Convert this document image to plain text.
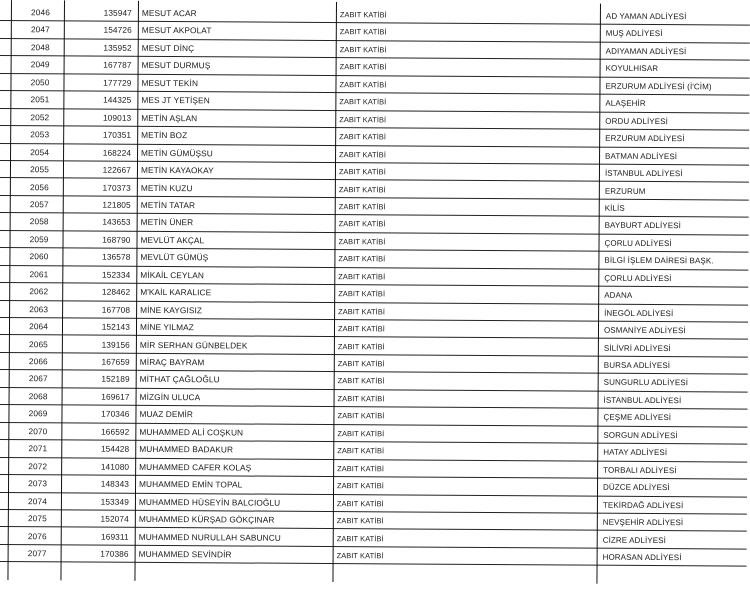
2046	135947	MESUT ACAR	ZABIT KATİBİ	AD YAMAN ADLİYESİ
2047	154726	MESUT AKPOLAT	ZABIT KATİBİ	MUŞ ADLİYESİ
2048	135952	MESUT DİNÇ	ZABIT KATİBİ	ADIYAMAN ADLİYESİ
2049	167787	MESUT DURMUŞ	ZABIT KATİBİ	KOYULHISAR
2050	177729	MESUT TEKİN	ZABIT KATİBİ	ERZURUM ADLİYESİ (İ'CİM)
2051	144325	MES JT YETİŞEN	ZABIT KATİBİ	ALAŞEHİR
2052	109013	METİN AŞLAN	ZABIT KATİBİ	ORDU ADLİYESİ
2053	170351	METİN BOZ	ZABIT KATİBİ	ERZURUM ADLİYESİ
2054	168224	METİN GÜMÜŞSU	ZABIT KATİBİ	BATMAN ADLİYESİ
2055	122667	METİN KAYAOKAY	ZABIT KATİBİ	İSTANBUL ADLİYESİ
2056	170373	METİN KUZU	ZABIT KATİBİ	ERZURUM
2057	121805	METİN TATAR	ZABIT KATİBİ	KİLİS
2058	143653	METİN ÜNER	ZABIT KATİBİ	BAYBURT ADLİYESİ
2059	168790	MEVLÜT AKÇAL	ZABIT KATİBİ	ÇORLU ADLİYESİ
2060	136578	MEVLÜT GÜMÜŞ	ZABIT KATİBİ	BİLGİ İŞLEM DAİRESİ BAŞK.
2061	152334	MİKAİL CEYLAN	ZABIT KATİBİ	ÇORLU ADLİYESİ
2062	128462	M'KAİL KARALICE	ZABIT KATİBİ	ADANA
2063	167708	MİNE KAYGISIZ	ZABIT KATİBİ	İNEGÖL ADLİYESİ
2064	152143	MİNE YILMAZ	ZABIT KATİBİ	OSMANİYE ADLİYESİ
2065	139156	MİR SERHAN GÜNBELDEK	ZABIT KATİBİ	SİLİVRİ ADLİYESİ
2066	167659	MİRAÇ BAYRAM	ZABIT KATİBİ	BURSA ADLİYESİ
2067	152189	MİTHAT ÇAĞLOĞLU	ZABIT KATİBİ	SUNGURLU ADLİYESİ
2068	169617	MİZGİN ULUCA	ZABIT KATİBİ	İSTANBUL ADLİYESİ
2069	170346	MUAZ DEMİR	ZABIT KATİBİ	ÇEŞME ADLİYESİ
2070	166592	MUHAMMED ALİ COŞKUN	ZABIT KATİBİ	SORGUN ADLİYESİ
2071	154428	MUHAMMED BADAKUR	ZABIT KATİBİ	HATAY ADLİYESİ
2072	141080	MUHAMMED CAFER KOLAŞ	ZABIT KATİBİ	TORBALI ADLİYESİ
2073	148343	MUHAMMED EMİN TOPAL	ZABIT KATİBİ	DÜZCE ADLİYESİ
2074	153349	MUHAMMED HÜSEYİN BALCIOĞLU	ZABIT KATİBİ	TEKİRDAĞ ADLİYESİ
2075	152074	MUHAMMED KÜRŞAD GÖKÇINAR	ZABIT KATİBİ	NEVŞEHİR ADLİYESİ
2076	169311	MUHAMMED NURULLAH SABUNCU	ZABIT KATİBİ	CİZRE ADLİYESİ
2077	170386	MUHAMMED SEVİNDİR	ZABIT KATİBİ	HORASAN ADLİYESİ
